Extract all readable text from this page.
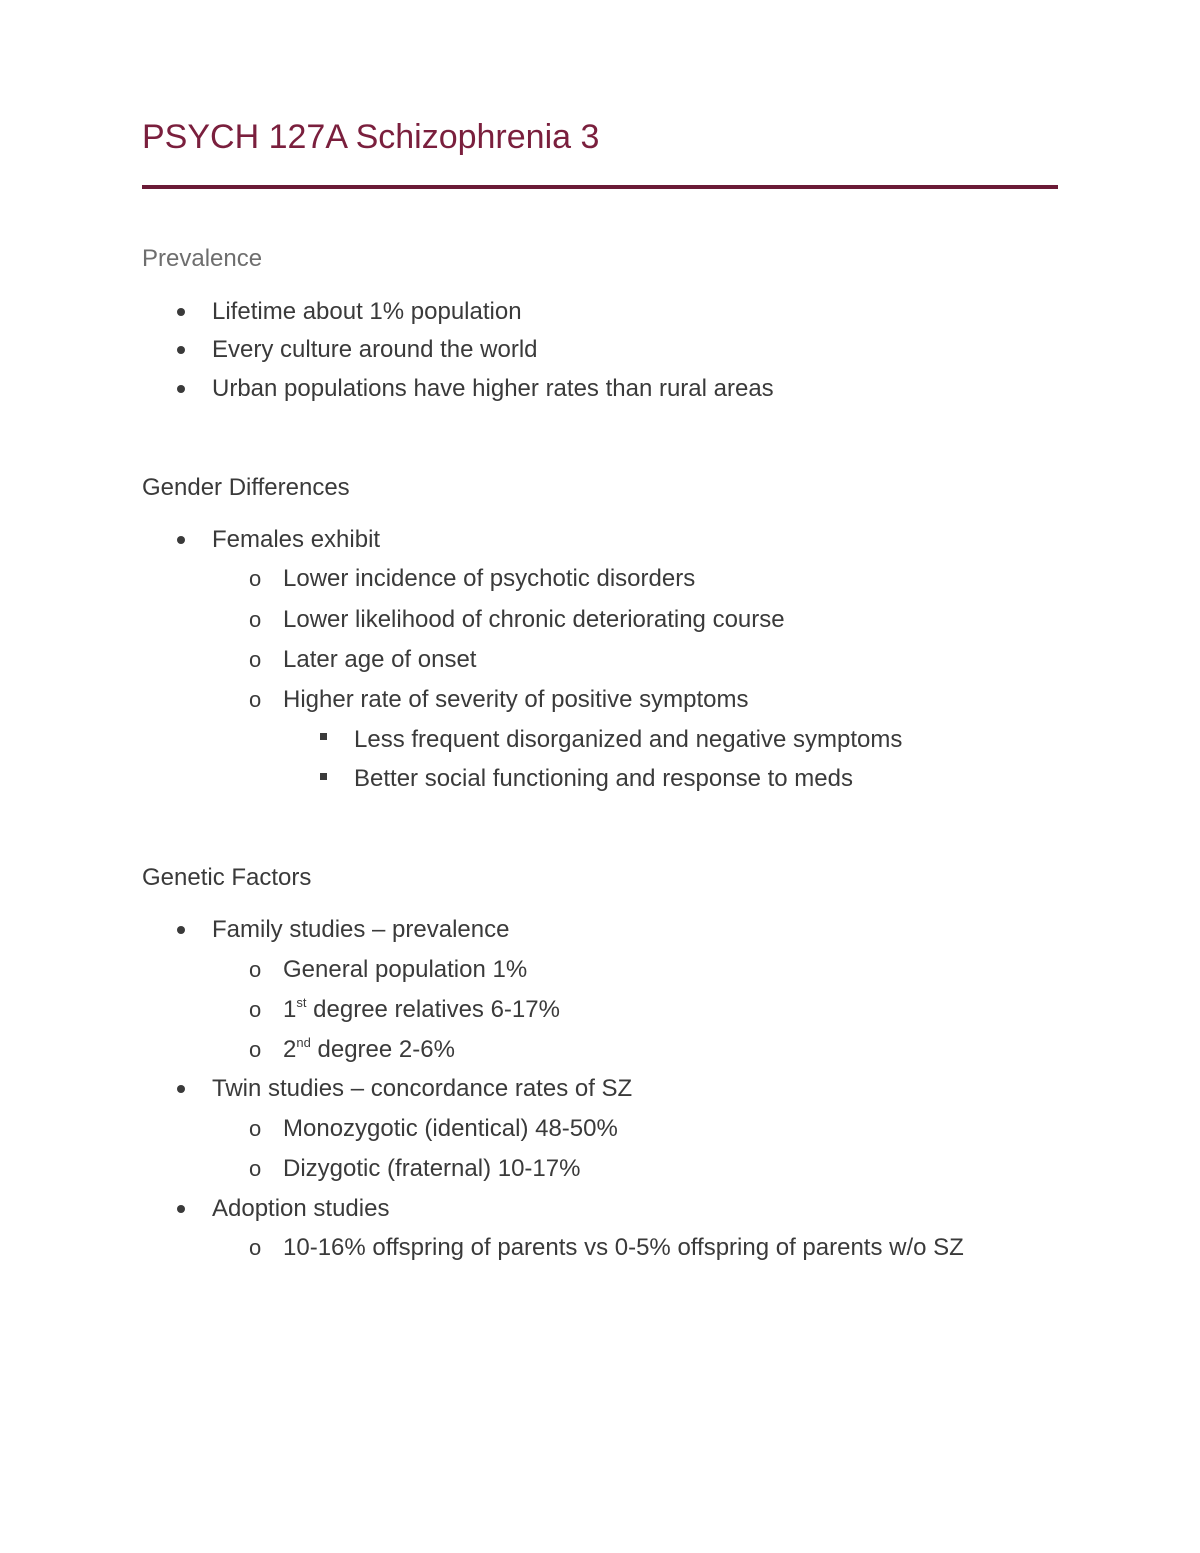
PSYCH 127A Schizophrenia 3
Prevalence
Lifetime about 1% population
Every culture around the world
Urban populations have higher rates than rural areas
Gender Differences
Females exhibit
o Lower incidence of psychotic disorders
o Lower likelihood of chronic deteriorating course
o Later age of onset
o Higher rate of severity of positive symptoms
Less frequent disorganized and negative symptoms
Better social functioning and response to meds
Genetic Factors
Family studies – prevalence
o General population 1%
o 1st degree relatives 6-17%
o 2nd degree 2-6%
Twin studies – concordance rates of SZ
o Monozygotic (identical) 48-50%
o Dizygotic (fraternal) 10-17%
Adoption studies
o 10-16% offspring of parents vs 0-5% offspring of parents w/o SZ
